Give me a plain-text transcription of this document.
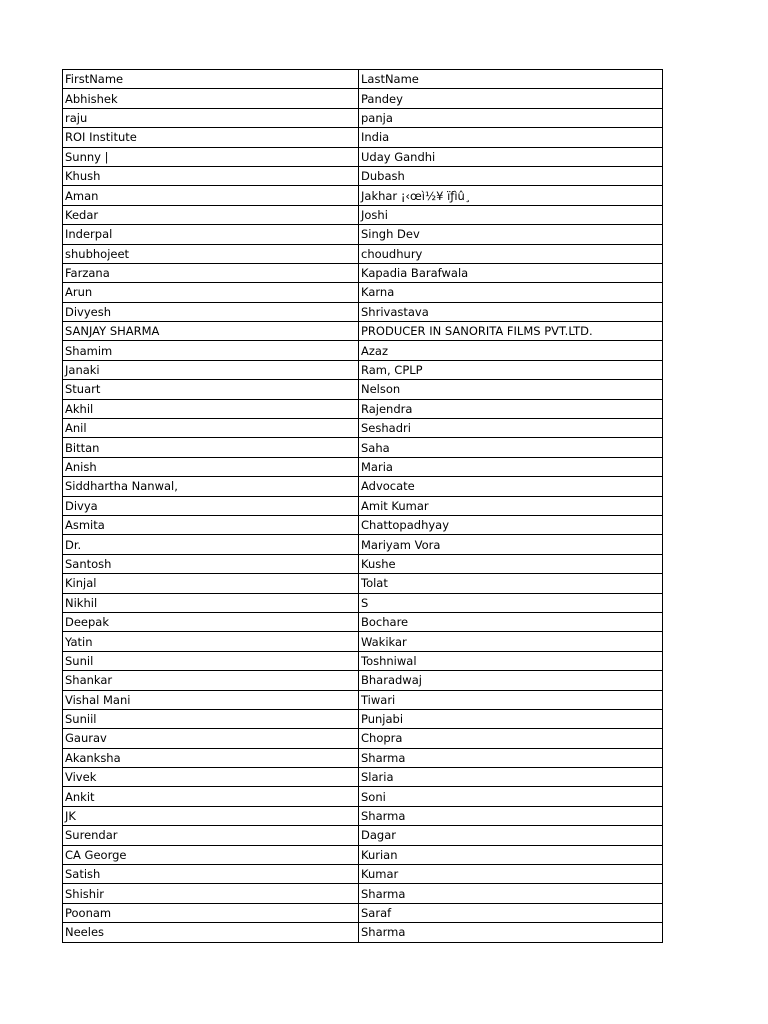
FirstName	LastName
Abhishek	Pandey
raju	panja
ROI Institute	India
Sunny |	Uday Gandhi
Khush	Dubash
Aman	Jakhar ¡‹œì½¥ ïƒìû¸
Kedar	Joshi
Inderpal	Singh Dev
shubhojeet	choudhury
Farzana	Kapadia Barafwala
Arun	Karna
Divyesh	Shrivastava
SANJAY SHARMA	PRODUCER IN SANORITA FILMS PVT.LTD.
Shamim	Azaz
Janaki	Ram, CPLP
Stuart	Nelson
Akhil	Rajendra
Anil	Seshadri
Bittan	Saha
Anish	Maria
Siddhartha Nanwal,	Advocate
Divya	Amit Kumar
Asmita	Chattopadhyay
Dr.	Mariyam Vora
Santosh	Kushe
Kinjal	Tolat
Nikhil	S
Deepak	Bochare
Yatin	Wakikar
Sunil	Toshniwal
Shankar	Bharadwaj
Vishal Mani	Tiwari
Suniil	Punjabi
Gaurav	Chopra
Akanksha	Sharma
Vivek	Slaria
Ankit	Soni
JK	Sharma
Surendar	Dagar
CA George	Kurian
Satish	Kumar
Shishir	Sharma
Poonam	Saraf
Neeles	Sharma
